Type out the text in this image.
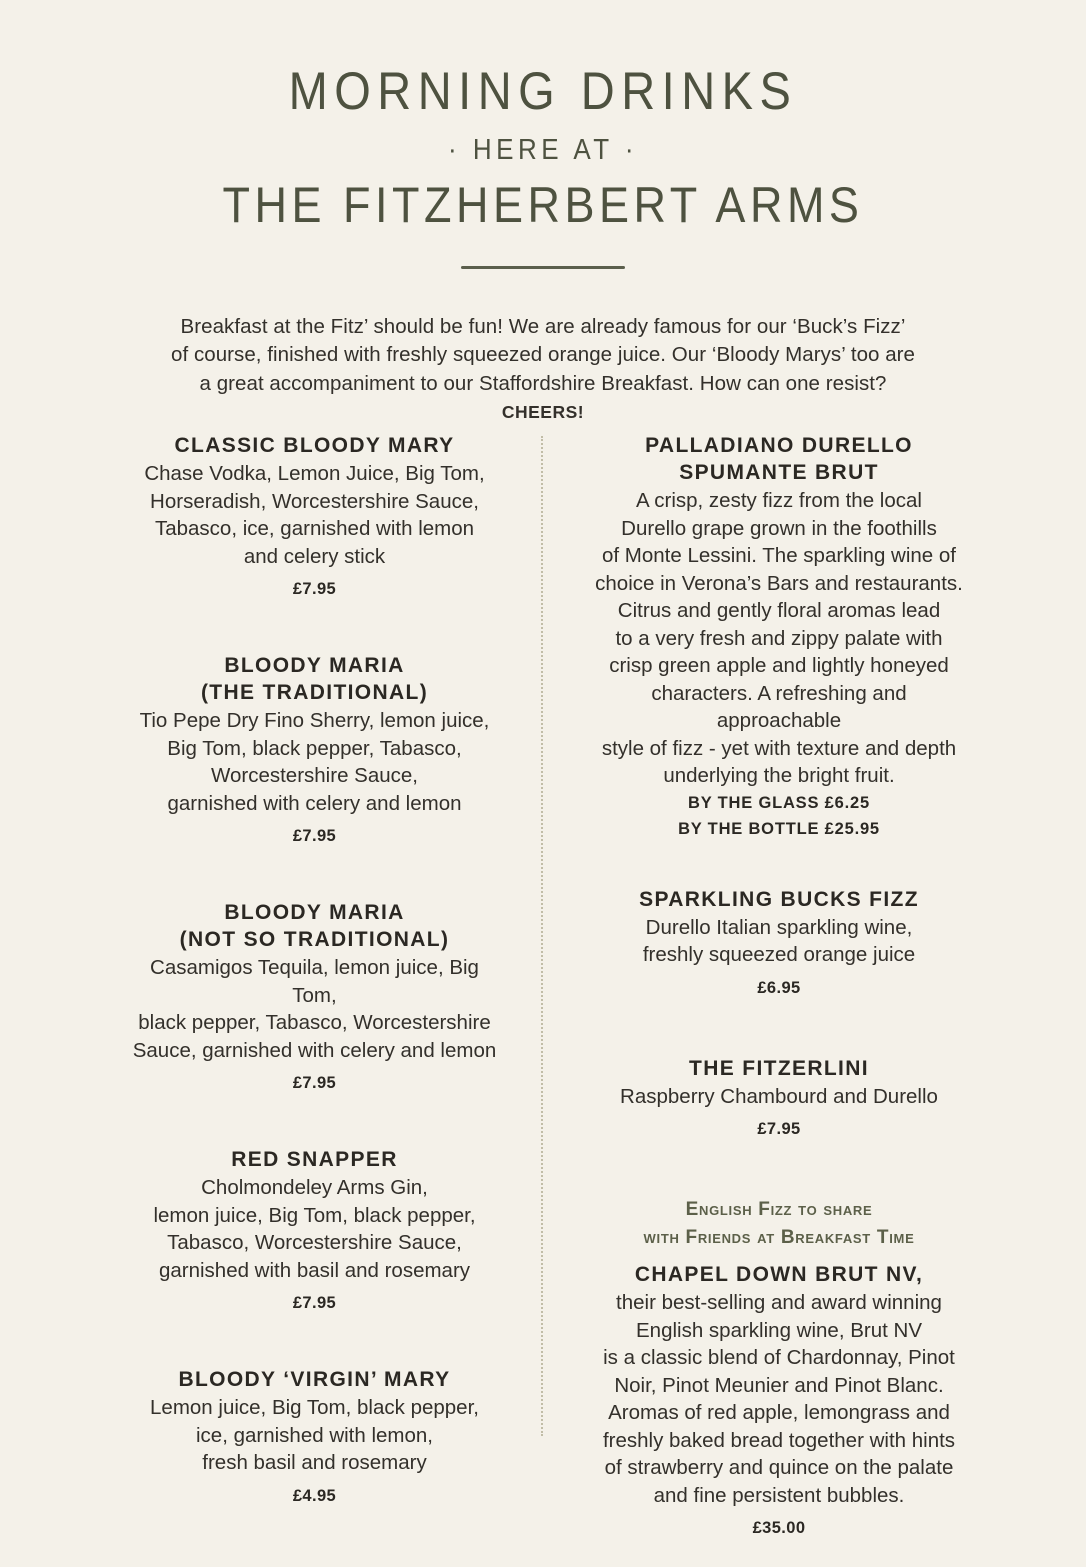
MORNING DRINKS
· HERE AT ·
THE FITZHERBERT ARMS
Breakfast at the Fitz’ should be fun! We are already famous for our ‘Buck’s Fizz’
of course, finished with freshly squeezed orange juice. Our ‘Bloody Marys’ too are
a great accompaniment to our Staffordshire Breakfast. How can one resist? CHEERS!
CLASSIC BLOODY MARY
Chase Vodka, Lemon Juice, Big Tom,
Horseradish, Worcestershire Sauce,
Tabasco, ice, garnished with lemon
and celery stick
£7.95
BLOODY MARIA
(THE TRADITIONAL)
Tio Pepe Dry Fino Sherry, lemon juice,
Big Tom, black pepper, Tabasco,
Worcestershire Sauce,
garnished with celery and lemon
£7.95
BLOODY MARIA
(NOT SO TRADITIONAL)
Casamigos Tequila, lemon juice, Big Tom,
black pepper, Tabasco, Worcestershire
Sauce, garnished with celery and lemon
£7.95
RED SNAPPER
Cholmondeley Arms Gin,
lemon juice, Big Tom, black pepper,
Tabasco, Worcestershire Sauce,
garnished with basil and rosemary
£7.95
BLOODY ‘VIRGIN’ MARY
Lemon juice, Big Tom, black pepper,
ice, garnished with lemon,
fresh basil and rosemary
£4.95
PALLADIANO DURELLO
SPUMANTE BRUT
A crisp, zesty fizz from the local
Durello grape grown in the foothills
of Monte Lessini. The sparkling wine of
choice in Verona’s Bars and restaurants.
Citrus and gently floral aromas lead
to a very fresh and zippy palate with
crisp green apple and lightly honeyed
characters. A refreshing and approachable
style of fizz - yet with texture and depth
underlying the bright fruit.
BY THE GLASS £6.25
BY THE BOTTLE £25.95
SPARKLING BUCKS FIZZ
Durello Italian sparkling wine,
freshly squeezed orange juice
£6.95
THE FITZERLINI
Raspberry Chambourd and Durello
£7.95
English Fizz to share
with Friends at Breakfast Time
CHAPEL DOWN BRUT NV,
their best-selling and award winning
English sparkling wine, Brut NV
is a classic blend of Chardonnay, Pinot
Noir, Pinot Meunier and Pinot Blanc.
Aromas of red apple, lemongrass and
freshly baked bread together with hints
of strawberry and quince on the palate
and fine persistent bubbles.
£35.00
